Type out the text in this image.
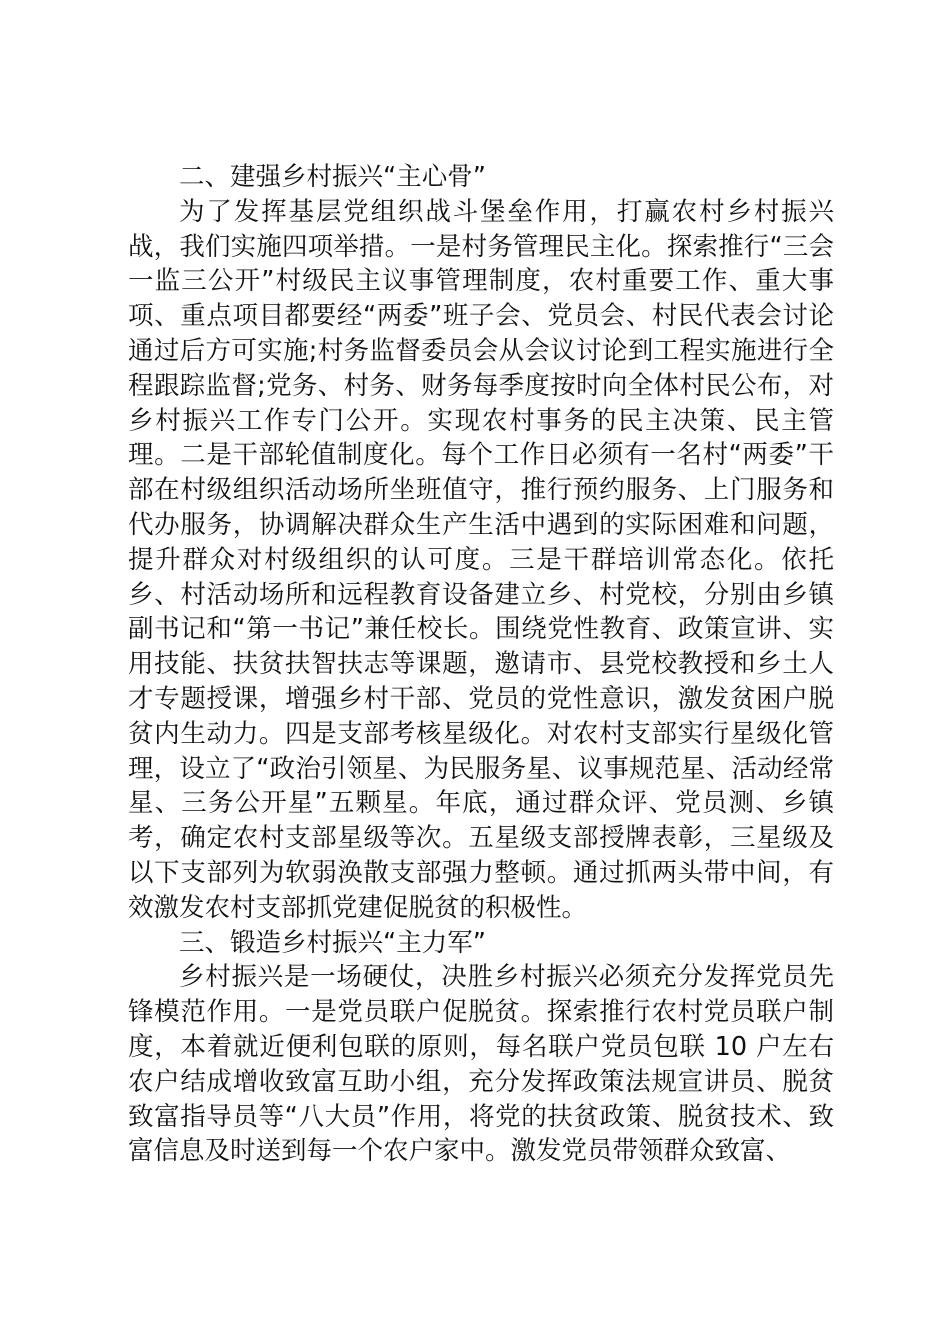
二、建强乡村振兴“主心骨”

为了发挥基层党组织战斗堡垒作用，打赢农村乡村振兴战，我们实施四项举措。一是村务管理民主化。探索推行“三会一监三公开”村级民主议事管理制度，农村重要工作、重大事项、重点项目都要经“两委”班子会、党员会、村民代表会讨论通过后方可实施;村务监督委员会从会议讨论到工程实施进行全程跟踪监督;党务、村务、财务每季度按时向全体村民公布，对乡村振兴工作专门公开。实现农村事务的民主决策、民主管理。二是干部轮值制度化。每个工作日必须有一名村“两委”干部在村级组织活动场所坐班值守，推行预约服务、上门服务和代办服务，协调解决群众生产生活中遇到的实际困难和问题，提升群众对村级组织的认可度。三是干群培训常态化。依托乡、村活动场所和远程教育设备建立乡、村党校，分别由乡镇副书记和“第一书记”兼任校长。围绕党性教育、政策宣讲、实用技能、扶贫扶智扶志等课题，邀请市、县党校教授和乡土人才专题授课，增强乡村干部、党员的党性意识，激发贫困户脱贫内生动力。四是支部考核星级化。对农村支部实行星级化管理，设立了“政治引领星、为民服务星、议事规范星、活动经常星、三务公开星”五颗星。年底，通过群众评、党员测、乡镇考，确定农村支部星级等次。五星级支部授牌表彰，三星级及以下支部列为软弱涣散支部强力整顿。通过抓两头带中间，有效激发农村支部抓党建促脱贫的积极性。

三、锻造乡村振兴“主力军”

乡村振兴是一场硬仗，决胜乡村振兴必须充分发挥党员先锋模范作用。一是党员联户促脱贫。探索推行农村党员联户制度，本着就近便利包联的原则，每名联户党员包联 10 户左右农户结成增收致富互助小组，充分发挥政策法规宣讲员、脱贫致富指导员等“八大员”作用，将党的扶贫政策、脱贫技术、致富信息及时送到每一个农户家中。激发党员带领群众致富、
